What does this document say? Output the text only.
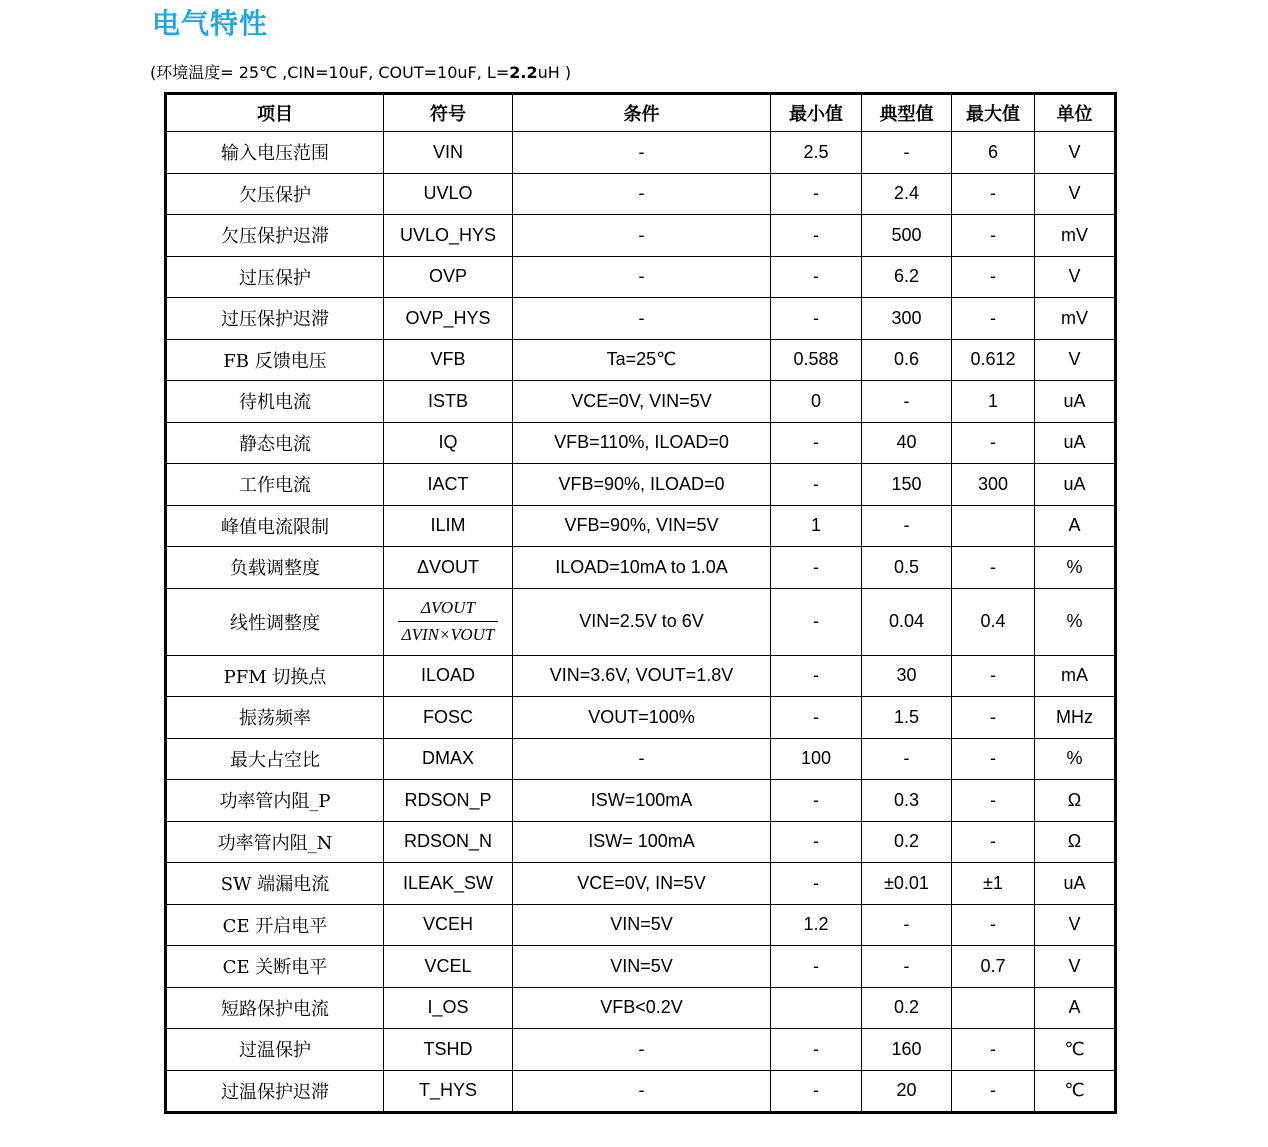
电气特性
(环境温度= 25℃ ,CIN=10uF, COUT=10uF, L=2.2uH )
项目	符号	条件	最小值	典型值	最大值	单位
输入电压范围	VIN	-	2.5	-	6	V
欠压保护	UVLO	-	-	2.4	-	V
欠压保护迟滞	UVLO_HYS	-	-	500	-	mV
过压保护	OVP	-	-	6.2	-	V
过压保护迟滞	OVP_HYS	-	-	300	-	mV
FB 反馈电压	VFB	Ta=25℃	0.588	0.6	0.612	V
待机电流	ISTB	VCE=0V, VIN=5V	0	-	1	uA
静态电流	IQ	VFB=110%, ILOAD=0	-	40	-	uA
工作电流	IACT	VFB=90%, ILOAD=0	-	150	300	uA
峰值电流限制	ILIM	VFB=90%, VIN=5V	1	-		A
负载调整度	ΔVOUT	ILOAD=10mA to 1.0A	-	0.5	-	%
线性调整度	$\frac{\text{ΔVOUT}}{\text{ΔVIN×VOUT}}$	VIN=2.5V to 6V	-	0.04	0.4	%
PFM 切换点	ILOAD	VIN=3.6V, VOUT=1.8V	-	30	-	mA
振荡频率	FOSC	VOUT=100%	-	1.5	-	MHz
最大占空比	DMAX	-	100	-	-	%
功率管内阻_P	RDSON_P	ISW=100mA	-	0.3	-	Ω
功率管内阻_N	RDSON_N	ISW= 100mA	-	0.2	-	Ω
SW 端漏电流	ILEAK_SW	VCE=0V, IN=5V	-	±0.01	±1	uA
CE 开启电平	VCEH	VIN=5V	1.2	-	-	V
CE 关断电平	VCEL	VIN=5V	-	-	0.7	V
短路保护电流	I_OS	VFB<0.2V		0.2		A
过温保护	TSHD	-	-	160	-	℃
过温保护迟滞	T_HYS	-	-	20	-	℃
